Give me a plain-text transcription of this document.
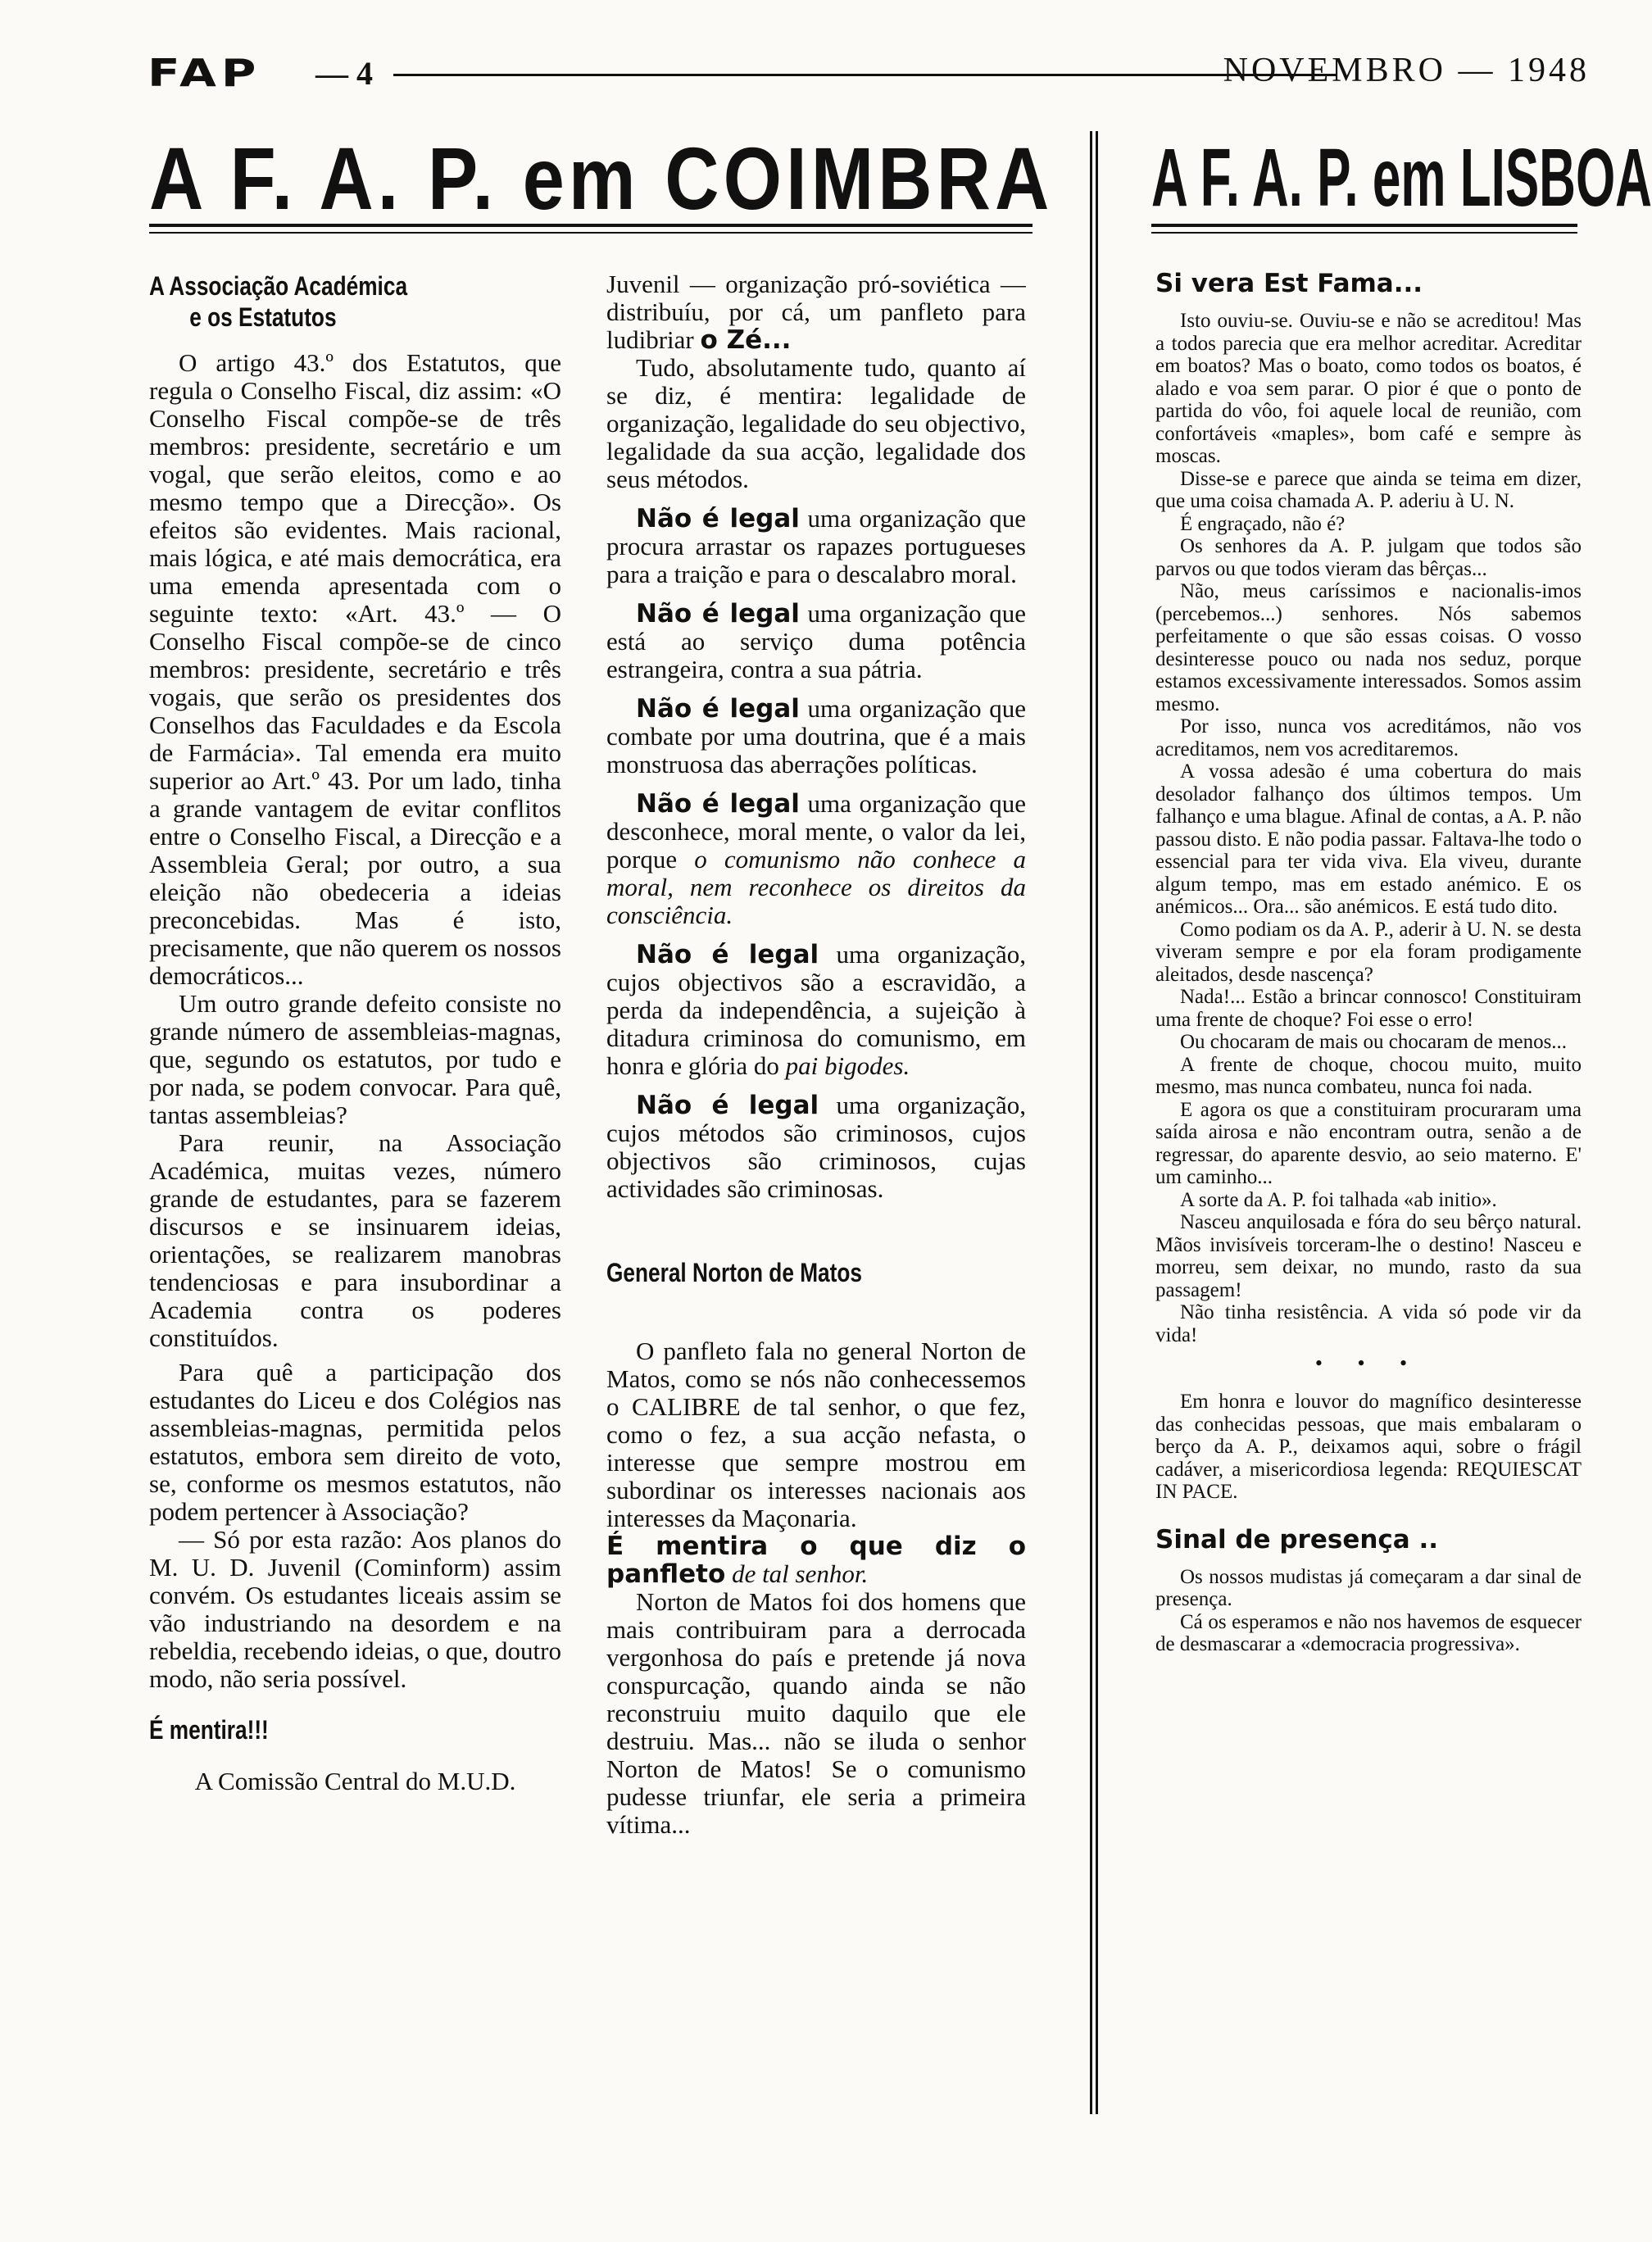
FAP — 4	NOVEMBRO — 1948
A F. A. P. em COIMBRA A F. A. P. em LISBOA
A Associação Académica
e os Estatutos

O artigo 43.º dos Estatutos, que regula o Conselho Fiscal, diz assim: «O Conselho Fiscal compõe-se de três membros: presidente, secretário e um vogal, que serão eleitos, como e ao mesmo tempo que a Direcção». Os efeitos são evidentes. Mais racional, mais lógica, e até mais democrática, era uma emenda apresentada com o seguinte texto: «Art. 43.º — O Conselho Fiscal compõe-se de cinco membros: presidente, secretário e três vogais, que serão os presidentes dos Conselhos das Faculdades e da Escola de Farmácia». Tal emenda era muito superior ao Art.º 43. Por um lado, tinha a grande vantagem de evitar conflitos entre o Conselho Fiscal, a Direcção e a Assembleia Geral; por outro, a sua eleição não obedeceria a ideias preconcebidas. Mas é isto, precisamente, que não querem os nossos democráticos...

Um outro grande defeito consiste no grande número de assembleias-magnas, que, segundo os estatutos, por tudo e por nada, se podem convocar. Para quê, tantas assembleias?

Para reunir, na Associação Académica, muitas vezes, número grande de estudantes, para se fazerem discursos e se insinuarem ideias, orientações, se realizarem manobras tendenciosas e para insubordinar a Academia contra os poderes constituídos.

Para quê a participação dos estudantes do Liceu e dos Colégios nas assembleias-magnas, permitida pelos estatutos, embora sem direito de voto, se, conforme os mesmos estatutos, não podem pertencer à Associação?

— Só por esta razão: Aos planos do M. U. D. Juvenil (Cominform) assim convém. Os estudantes liceais assim se vão industriando na desordem e na rebeldia, recebendo ideias, o que, doutro modo, não seria possível.

É mentira!!!
A Comissão Central do M.U.D.

Juvenil — organização pró-soviética — distribuíu, por cá, um panfleto para ludibriar o Zé...

Tudo, absolutamente tudo, quanto aí se diz, é mentira: legalidade de organização, legalidade do seu objectivo, legalidade da sua acção, legalidade dos seus métodos.

Não é legal uma organização que procura arrastar os rapazes portugueses para a traição e para o descalabro moral.

Não é legal uma organização que está ao serviço duma potência estrangeira, contra a sua pátria.

Não é legal uma organização que combate por uma doutrina, que é a mais monstruosa das aberrações políticas.

Não é legal uma organização que desconhece, moral mente, o valor da lei, porque o comunismo não conhece a moral, nem reconhece os direitos da consciência.

Não é legal uma organização, cujos objectivos são a escravidão, a perda da independência, a sujeição à ditadura criminosa do comunismo, em honra e glória do pai bigodes.

Não é legal uma organização, cujos métodos são criminosos, cujos objectivos são criminosos, cujas actividades são criminosas.

General Norton de Matos

O panfleto fala no general Norton de Matos, como se nós não conhecessemos o CALIBRE de tal senhor, o que fez, como o fez, a sua acção nefasta, o interesse que sempre mostrou em subordinar os interesses nacionais aos interesses da Maçonaria.

É mentira o que diz o panfleto de tal senhor.

Norton de Matos foi dos homens que mais contribuiram para a derrocada vergonhosa do país e pretende já nova conspurcação, quando ainda se não reconstruiu muito daquilo que ele destruiu. Mas... não se iluda o senhor Norton de Matos! Se o comunismo pudesse triunfar, ele seria a primeira vítima...

Si vera Est Fama...

Isto ouviu-se. Ouviu-se e não se acreditou! Mas a todos parecia que era melhor acreditar. Acreditar em boatos? Mas o boato, como todos os boatos, é alado e voa sem parar. O pior é que o ponto de partida do vôo, foi aquele local de reunião, com confortáveis «maples», bom café e sempre às moscas.

Disse-se e parece que ainda se teima em dizer, que uma coisa chamada A. P. aderiu à U. N.

É engraçado, não é?

Os senhores da A. P. julgam que todos são parvos ou que todos vieram das bêrças...

Não, meus caríssimos e nacionalis-imos (percebemos...) senhores. Nós sabemos perfeitamente o que são essas coisas. O vosso desinteresse pouco ou nada nos seduz, porque estamos excessivamente interessados. Somos assim mesmo.

Por isso, nunca vos acreditámos, não vos acreditamos, nem vos acreditaremos.

A vossa adesão é uma cobertura do mais desolador falhanço dos últimos tempos. Um falhanço e uma blague. Afinal de contas, a A. P. não passou disto. E não podia passar. Faltava-lhe todo o essencial para ter vida viva. Ela viveu, durante algum tempo, mas em estado anémico. E os anémicos... Ora... são anémicos. E está tudo dito.

Como podiam os da A. P., aderir à U. N. se desta viveram sempre e por ela foram prodigamente aleitados, desde nascença?

Nada!... Estão a brincar connosco! Constituiram uma frente de choque? Foi esse o erro!

Ou chocaram de mais ou chocaram de menos...

A frente de choque, chocou muito, muito mesmo, mas nunca combateu, nunca foi nada.

E agora os que a constituiram procuraram uma saída airosa e não encontram outra, senão a de regressar, do aparente desvio, ao seio materno. E' um caminho...

A sorte da A. P. foi talhada «ab initio».

Nasceu anquilosada e fóra do seu bêrço natural. Mãos invisíveis torceram-lhe o destino! Nasceu e morreu, sem deixar, no mundo, rasto da sua passagem!

Não tinha resistência. A vida só pode vir da vida!

• • •

Em honra e louvor do magnífico desinteresse das conhecidas pessoas, que mais embalaram o berço da A. P., deixamos aqui, sobre o frágil cadáver, a misericordiosa legenda: REQUIESCAT IN PACE.

Sinal de presença ..

Os nossos mudistas já começaram a dar sinal de presença.

Cá os esperamos e não nos havemos de esquecer de desmascarar a «democracia progressiva».
